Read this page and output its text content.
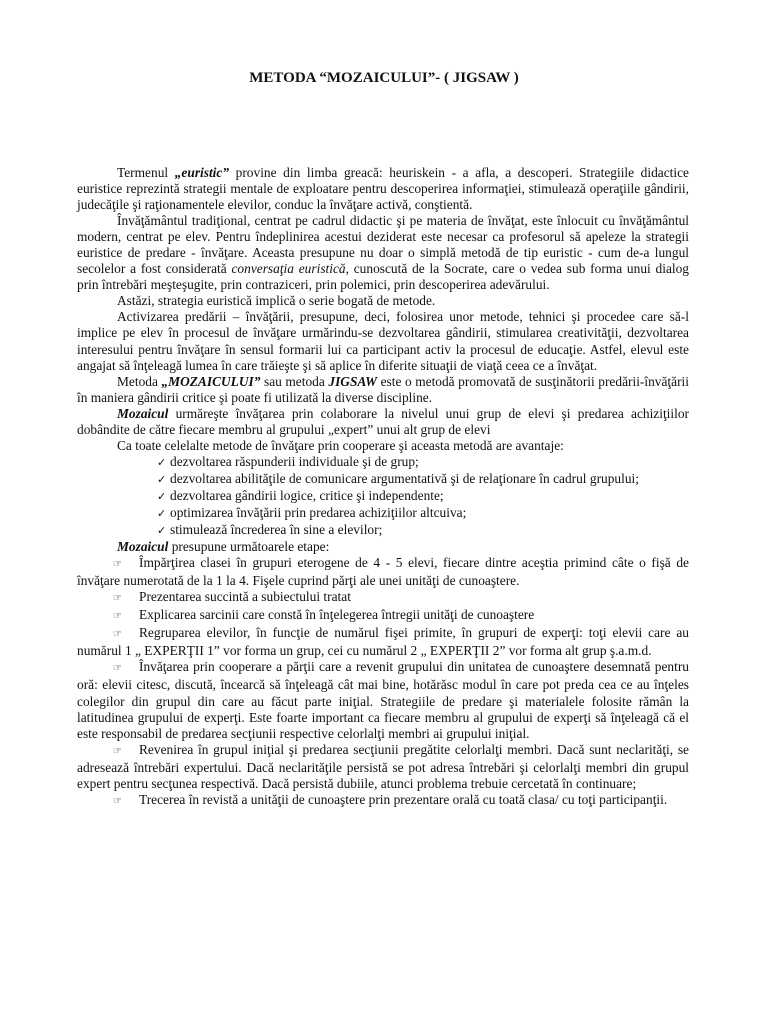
METODA “MOZAICULUI”- ( JIGSAW )

Termenul „euristic” provine din limba greacă: heuriskein - a afla, a descoperi. Strategiile didactice euristice reprezintă strategii mentale de exploatare pentru descoperirea informaţiei, stimulează operaţiile gândirii, judecăţile şi raţionamentele elevilor, conduc la învăţare activă, conştientă.

Învăţământul tradiţional, centrat pe cadrul didactic şi pe materia de învăţat, este înlocuit cu învăţământul modern, centrat pe elev. Pentru îndeplinirea acestui deziderat este necesar ca profesorul să apeleze la strategii euristice de predare - învăţare. Aceasta presupune nu doar o simplă metodă de tip euristic - cum de-a lungul secolelor a fost considerată conversaţia euristică, cunoscută de la Socrate, care o vedea sub forma unui dialog prin întrebări meşteşugite, prin contraziceri, prin polemici, prin descoperirea adevărului.

Astăzi, strategia euristică implică o serie bogată de metode.

Activizarea predării – învăţării, presupune, deci, folosirea unor metode, tehnici şi procedee care să-l implice pe elev în procesul de învăţare urmărindu-se dezvoltarea gândirii, stimularea creativităţii, dezvoltarea interesului pentru învăţare în sensul formarii lui ca participant activ la procesul de educaţie. Astfel, elevul este angajat să înţeleagă lumea în care trăieşte şi să aplice în diferite situaţii de viaţă ceea ce a învăţat.

Metoda „MOZAICULUI” sau metoda JIGSAW este o metodă promovată de susţinătorii predării-învăţării în maniera gândirii critice şi poate fi utilizată la diverse discipline.

Mozaicul urmăreşte învăţarea prin colaborare la nivelul unui grup de elevi şi predarea achiziţiilor dobândite de către fiecare membru al grupului „expert” unui alt grup de elevi

Ca toate celelalte metode de învăţare prin cooperare şi aceasta metodă are avantaje:

✓ dezvoltarea răspunderii individuale şi de grup;

✓ dezvoltarea abilităţile de comunicare argumentativă şi de relaţionare în cadrul grupului;

✓ dezvoltarea gândirii logice, critice şi independente;

✓ optimizarea învăţării prin predarea achiziţiilor altcuiva;

✓ stimulează încrederea în sine a elevilor;

Mozaicul presupune următoarele etape:

☞ Împărţirea clasei în grupuri eterogene de 4 - 5 elevi, fiecare dintre aceştia primind câte o fişă de învăţare numerotată de la 1 la 4. Fişele cuprind părţi ale unei unităţi de cunoaştere.

☞ Prezentarea succintă a subiectului tratat

☞ Explicarea sarcinii care constă în înţelegerea întregii unităţi de cunoaştere

☞ Regruparea elevilor, în funcţie de numărul fişei primite, în grupuri de experţi: toţi elevii care au numărul 1 „ EXPERŢII 1” vor forma un grup, cei cu numărul 2 „ EXPERŢII 2” vor forma alt grup ş.a.m.d.

☞ Învăţarea prin cooperare a părţii care a revenit grupului din unitatea de cunoaştere desemnată pentru oră: elevii citesc, discută, încearcă să înţeleagă cât mai bine, hotărăsc modul în care pot preda cea ce au înţeles colegilor din grupul din care au făcut parte iniţial. Strategiile de predare şi materialele folosite rămân la latitudinea grupului de experţi. Este foarte important ca fiecare membru al grupului de experţi să înţeleagă că el este responsabil de predarea secţiunii respective celorlalţi membri ai grupului iniţial.

☞ Revenirea în grupul iniţial şi predarea secţiunii pregătite celorlalţi membri. Dacă sunt neclarităţi, se adresează întrebări expertului. Dacă neclarităţile persistă se pot adresa întrebări şi celorlalţi membri din grupul expert pentru secţunea respectivă. Dacă persistă dubiile, atunci problema trebuie cercetată în continuare;

☞ Trecerea în revistă a unităţii de cunoaştere prin prezentare orală cu toată clasa/ cu toţi participanţii.
